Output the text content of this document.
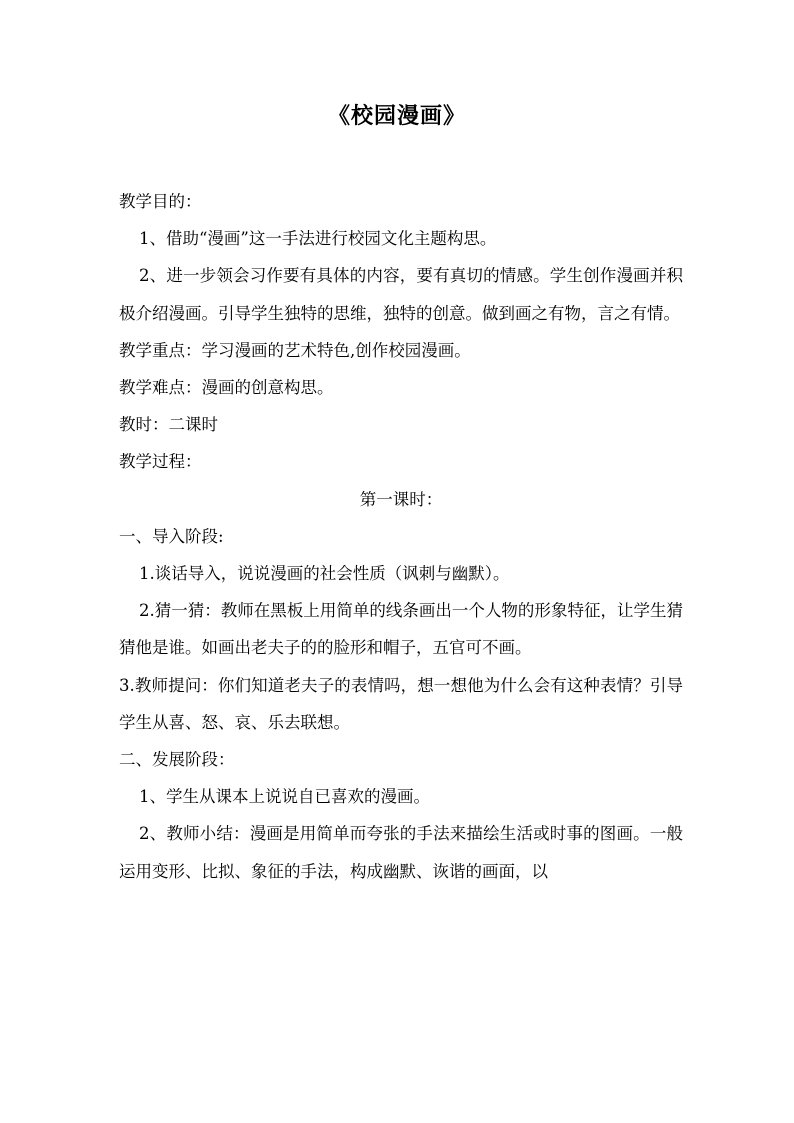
《校园漫画》

教学目的：

1、借助“漫画”这一手法进行校园文化主题构思。

2、进一步领会习作要有具体的内容，要有真切的情感。学生创作漫画并积极介绍漫画。引导学生独特的思维，独特的创意。做到画之有物，言之有情。

教学重点：学习漫画的艺术特色,创作校园漫画。

教学难点：漫画的创意构思。

教时：二课时

教学过程：

第一课时：

一、导入阶段:

1.谈话导入，说说漫画的社会性质（讽刺与幽默）。

2.猜一猜：教师在黑板上用简单的线条画出一个人物的形象特征，让学生猜猜他是谁。如画出老夫子的的脸形和帽子，五官可不画。

3.教师提问：你们知道老夫子的表情吗，想一想他为什么会有这种表情？引导学生从喜、怒、哀、乐去联想。

二、发展阶段：

1、学生从课本上说说自已喜欢的漫画。

2、教师小结：漫画是用简单而夸张的手法来描绘生活或时事的图画。一般运用变形、比拟、象征的手法，构成幽默、诙谐的画面，以
